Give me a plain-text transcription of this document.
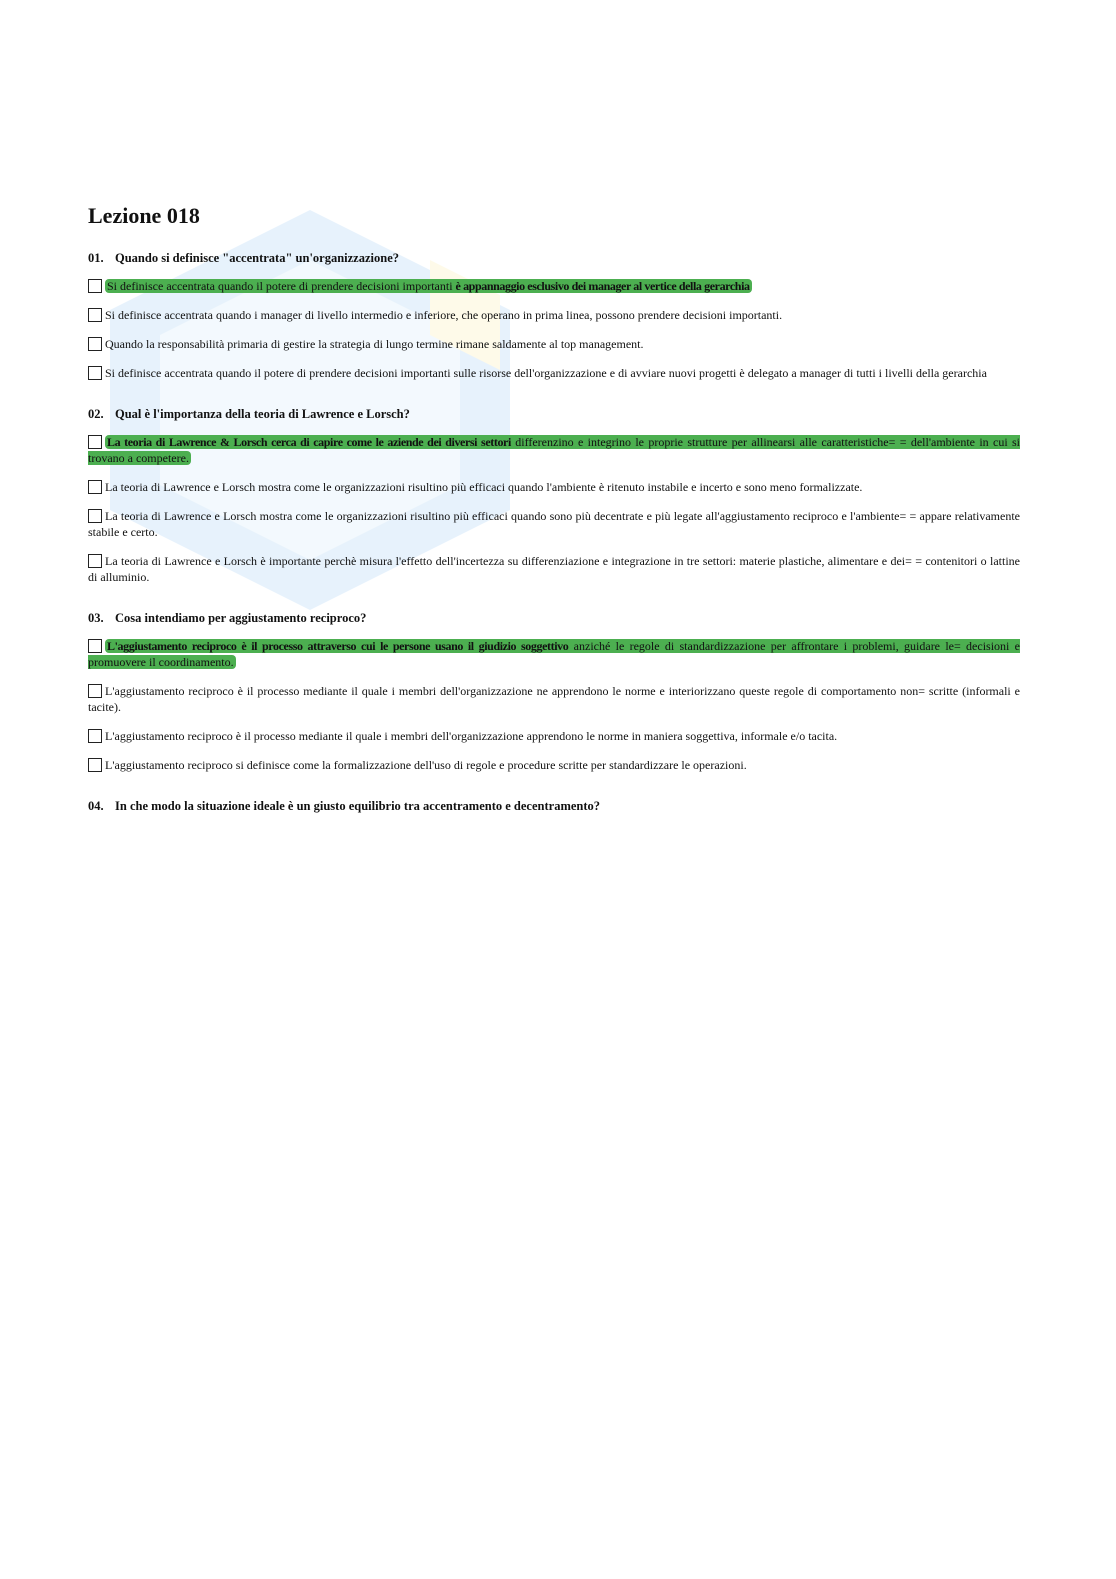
Lezione 018
01. Quando si definisce "accentrata" un'organizzazione?
Si definisce accentrata quando il potere di prendere decisioni importanti è appannaggio esclusivo dei manager al vertice della gerarchia
Si definisce accentrata quando i manager di livello intermedio e inferiore, che operano in prima linea, possono prendere decisioni importanti.
Quando la responsabilità primaria di gestire la strategia di lungo termine rimane saldamente al top management.
Si definisce accentrata quando il potere di prendere decisioni importanti sulle risorse dell'organizzazione e di avviare nuovi progetti è delegato a manager di tutti i livelli della gerarchia
02. Qual è l'importanza della teoria di Lawrence e Lorsch?
La teoria di Lawrence & Lorsch cerca di capire come le aziende dei diversi settori differenzino e integrino le proprie strutture per allinearsi alle caratteristiche= = dell'ambiente in cui si trovano a competere.
La teoria di Lawrence e Lorsch mostra come le organizzazioni risultino più efficaci quando l'ambiente è ritenuto instabile e incerto e sono meno formalizzate.
La teoria di Lawrence e Lorsch mostra come le organizzazioni risultino più efficaci quando sono più decentrate e più legate all'aggiustamento reciproco e l'ambiente= = appare relativamente stabile e certo.
La teoria di Lawrence e Lorsch è importante perchè misura l'effetto dell'incertezza su differenziazione e integrazione in tre settori: materie plastiche, alimentare e dei= = contenitori o lattine di alluminio.
03. Cosa intendiamo per aggiustamento reciproco?
L'aggiustamento reciproco è il processo attraverso cui le persone usano il giudizio soggettivo anziché le regole di standardizzazione per affrontare i problemi, guidare le= decisioni e promuovere il coordinamento.
L'aggiustamento reciproco è il processo mediante il quale i membri dell'organizzazione ne apprendono le norme e interiorizzano queste regole di comportamento non= scritte (informali e tacite).
L'aggiustamento reciproco è il processo mediante il quale i membri dell'organizzazione apprendono le norme in maniera soggettiva, informale e/o tacita.
L'aggiustamento reciproco si definisce come la formalizzazione dell'uso di regole e procedure scritte per standardizzare le operazioni.
04. In che modo la situazione ideale è un giusto equilibrio tra accentramento e decentramento?
